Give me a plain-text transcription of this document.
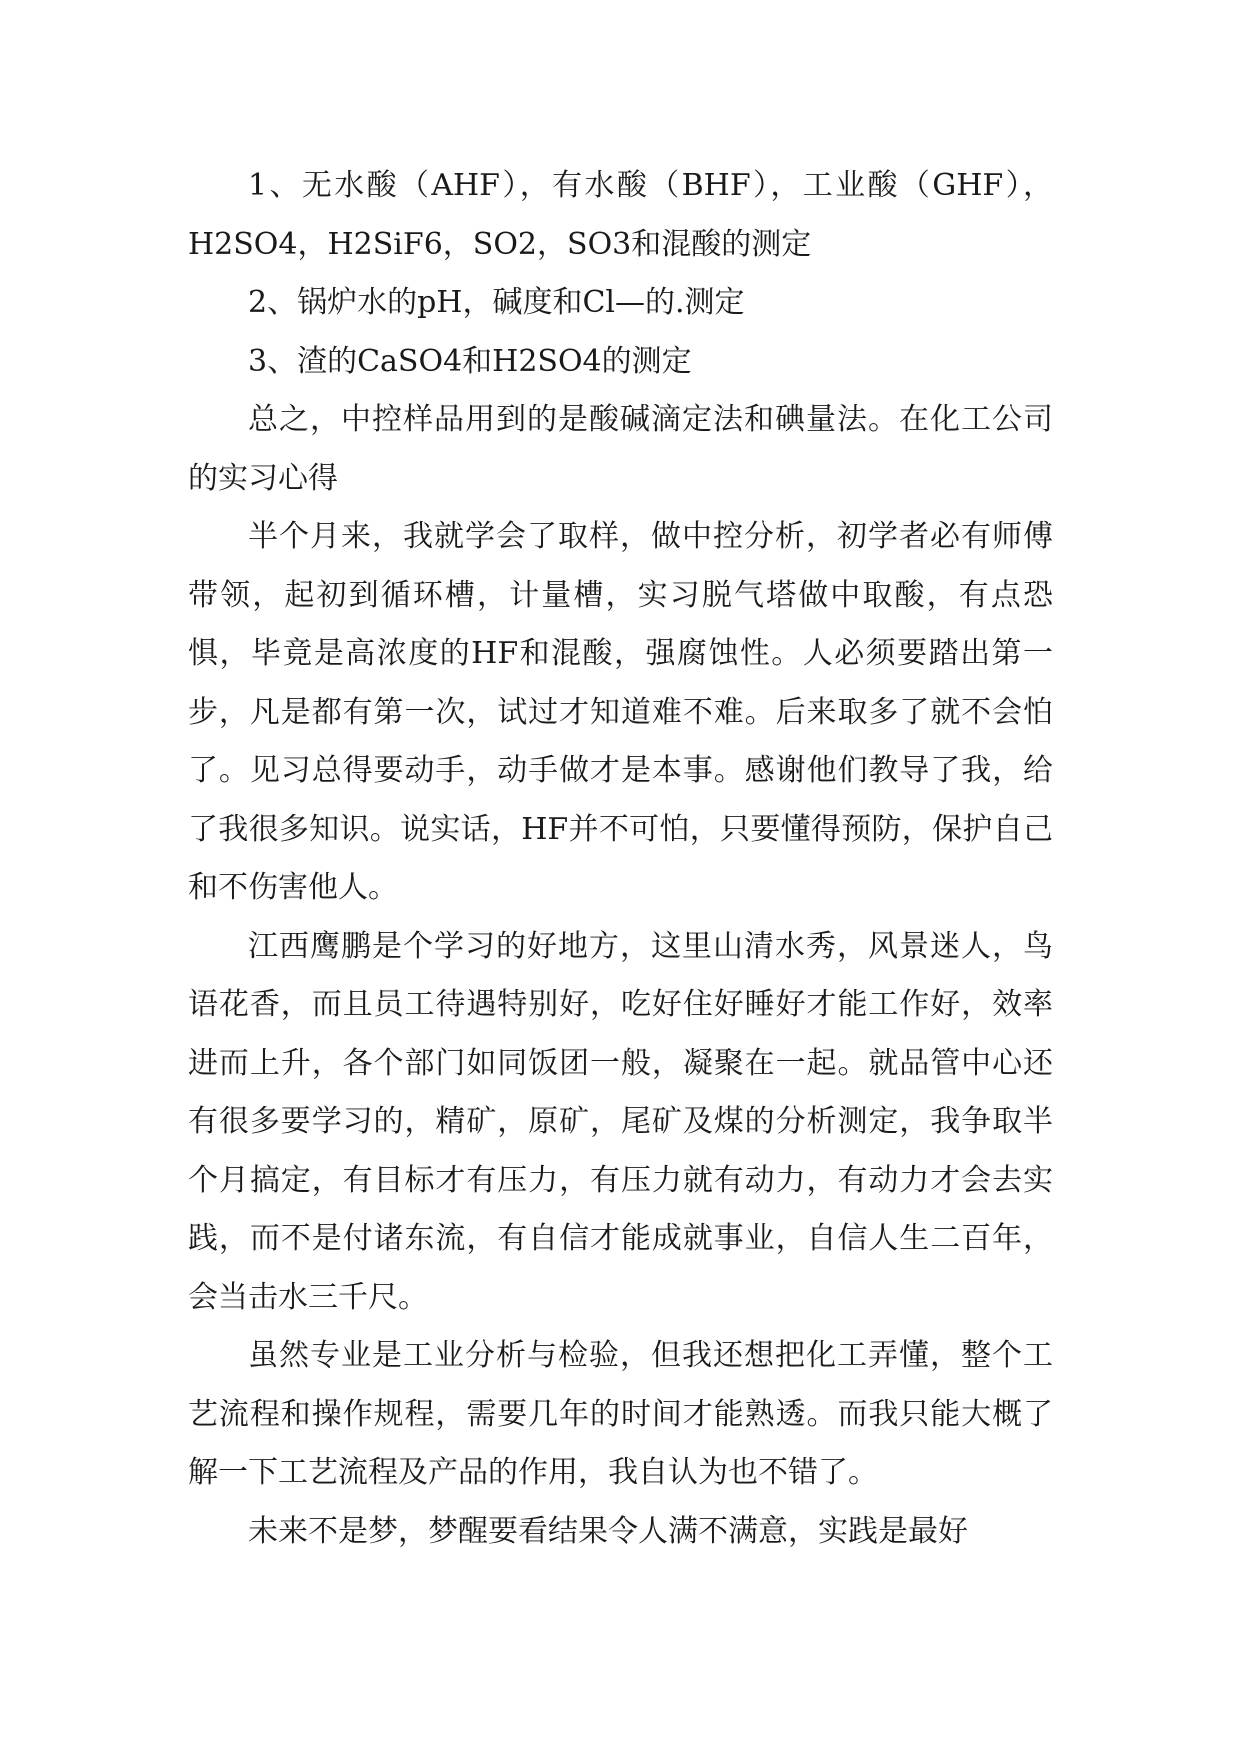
1、无水酸（AHF），有水酸（BHF），工业酸（GHF），H2SO4，H2SiF6，SO2，SO3和混酸的测定

2、锅炉水的pH，碱度和Cl—的.测定

3、渣的CaSO4和H2SO4的测定

总之，中控样品用到的是酸碱滴定法和碘量法。在化工公司的实习心得

半个月来，我就学会了取样，做中控分析，初学者必有师傅带领，起初到循环槽，计量槽，实习脱气塔做中取酸，有点恐惧，毕竟是高浓度的HF和混酸，强腐蚀性。人必须要踏出第一步，凡是都有第一次，试过才知道难不难。后来取多了就不会怕了。见习总得要动手，动手做才是本事。感谢他们教导了我，给了我很多知识。说实话，HF并不可怕，只要懂得预防，保护自己和不伤害他人。

江西鹰鹏是个学习的好地方，这里山清水秀，风景迷人，鸟语花香，而且员工待遇特别好，吃好住好睡好才能工作好，效率进而上升，各个部门如同饭团一般，凝聚在一起。就品管中心还有很多要学习的，精矿，原矿，尾矿及煤的分析测定，我争取半个月搞定，有目标才有压力，有压力就有动力，有动力才会去实践，而不是付诸东流，有自信才能成就事业，自信人生二百年，会当击水三千尺。

虽然专业是工业分析与检验，但我还想把化工弄懂，整个工艺流程和操作规程，需要几年的时间才能熟透。而我只能大概了解一下工艺流程及产品的作用，我自认为也不错了。

未来不是梦，梦醒要看结果令人满不满意，实践是最好
